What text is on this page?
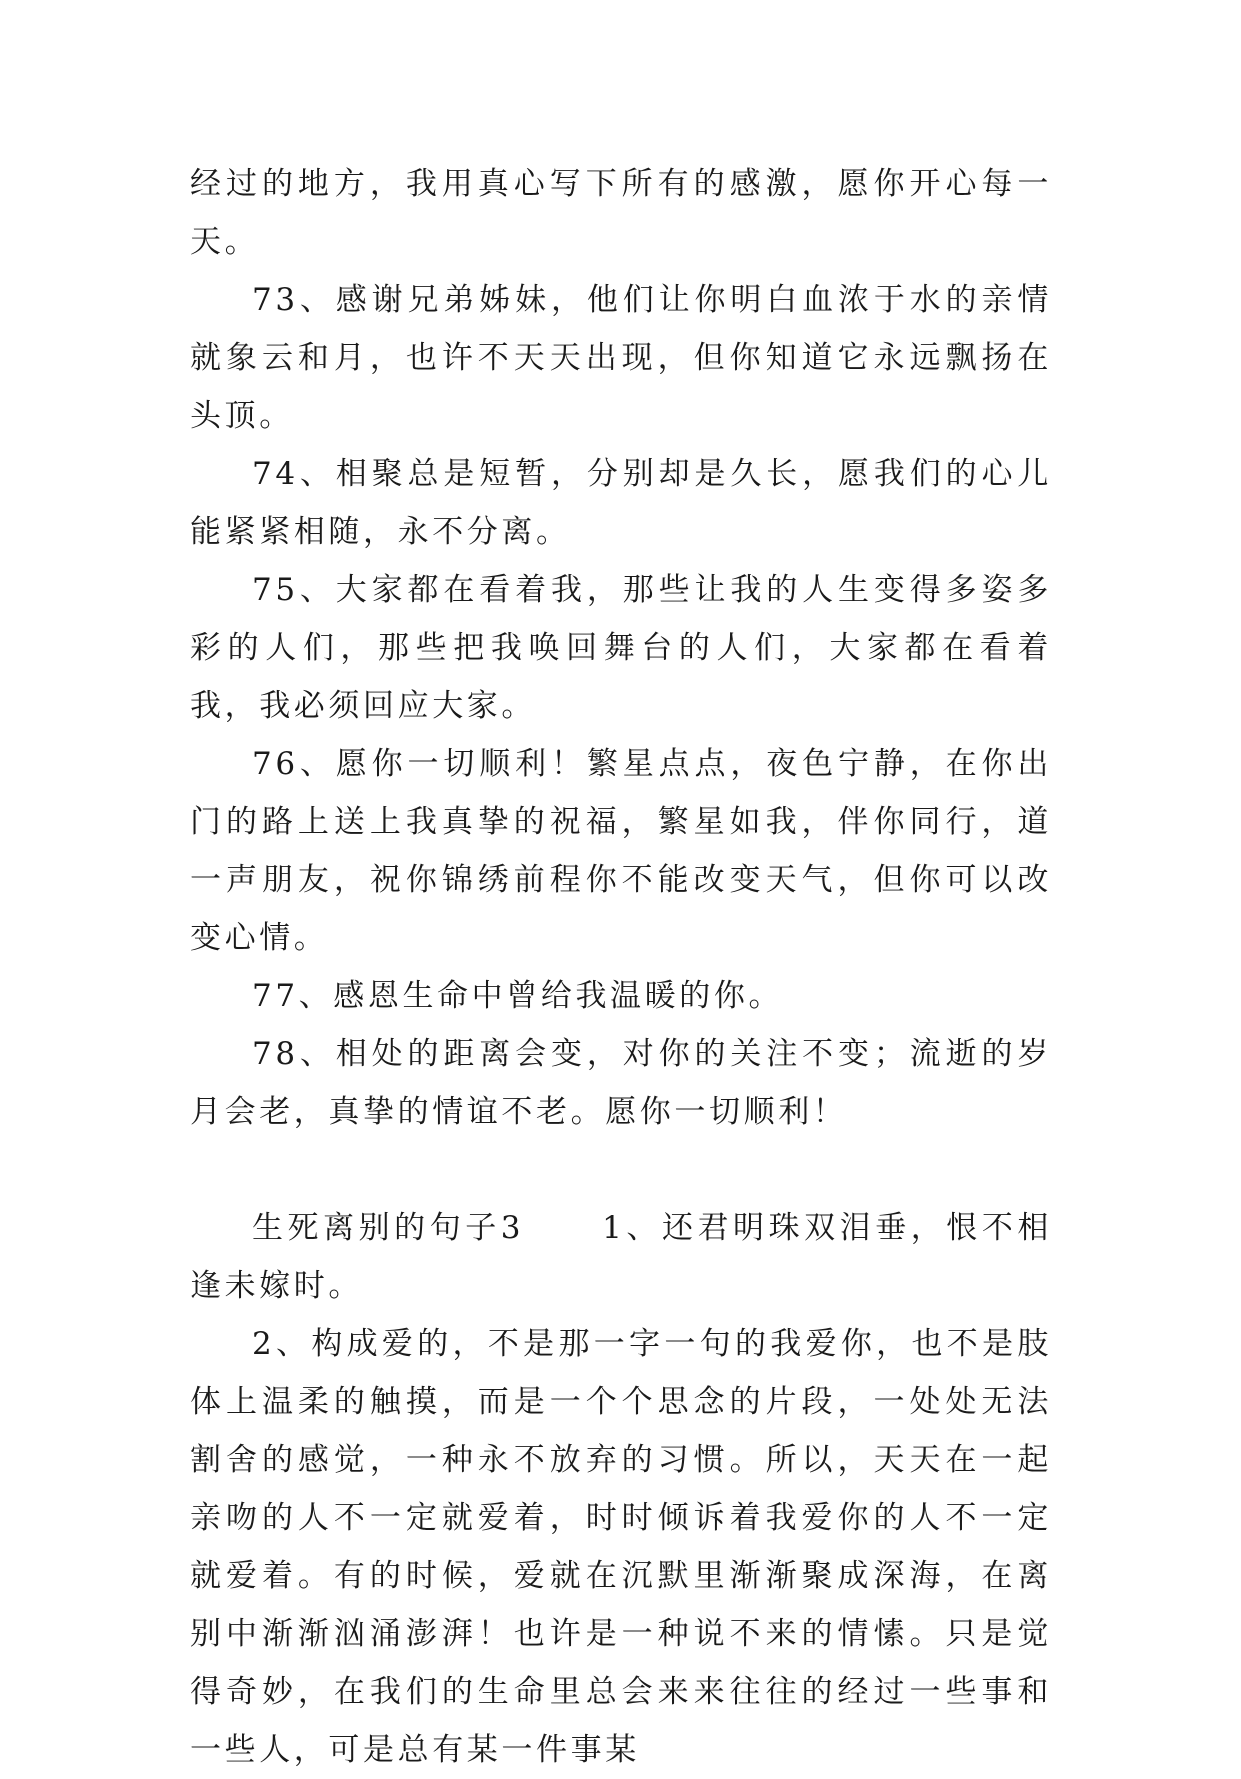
经过的地方，我用真心写下所有的感激，愿你开心每一天。

73、感谢兄弟姊妹，他们让你明白血浓于水的亲情就象云和月，也许不天天出现，但你知道它永远飘扬在头顶。

74、相聚总是短暂，分别却是久长，愿我们的心儿能紧紧相随，永不分离。

75、大家都在看着我，那些让我的人生变得多姿多彩的人们，那些把我唤回舞台的人们，大家都在看着我，我必须回应大家。

76、愿你一切顺利！繁星点点，夜色宁静，在你出门的路上送上我真挚的祝福，繁星如我，伴你同行，道一声朋友，祝你锦绣前程你不能改变天气，但你可以改变心情。

77、感恩生命中曾给我温暖的你。

78、相处的距离会变，对你的关注不变；流逝的岁月会老，真挚的情谊不老。愿你一切顺利！

生死离别的句子3	1、还君明珠双泪垂，恨不相逢未嫁时。

2、构成爱的，不是那一字一句的我爱你，也不是肢体上温柔的触摸，而是一个个思念的片段，一处处无法割舍的感觉，一种永不放弃的习惯。所以，天天在一起亲吻的人不一定就爱着，时时倾诉着我爱你的人不一定就爱着。有的时候，爱就在沉默里渐渐聚成深海，在离别中渐渐汹涌澎湃！也许是一种说不来的情愫。只是觉得奇妙，在我们的生命里总会来来往往的经过一些事和一些人，可是总有某一件事某
